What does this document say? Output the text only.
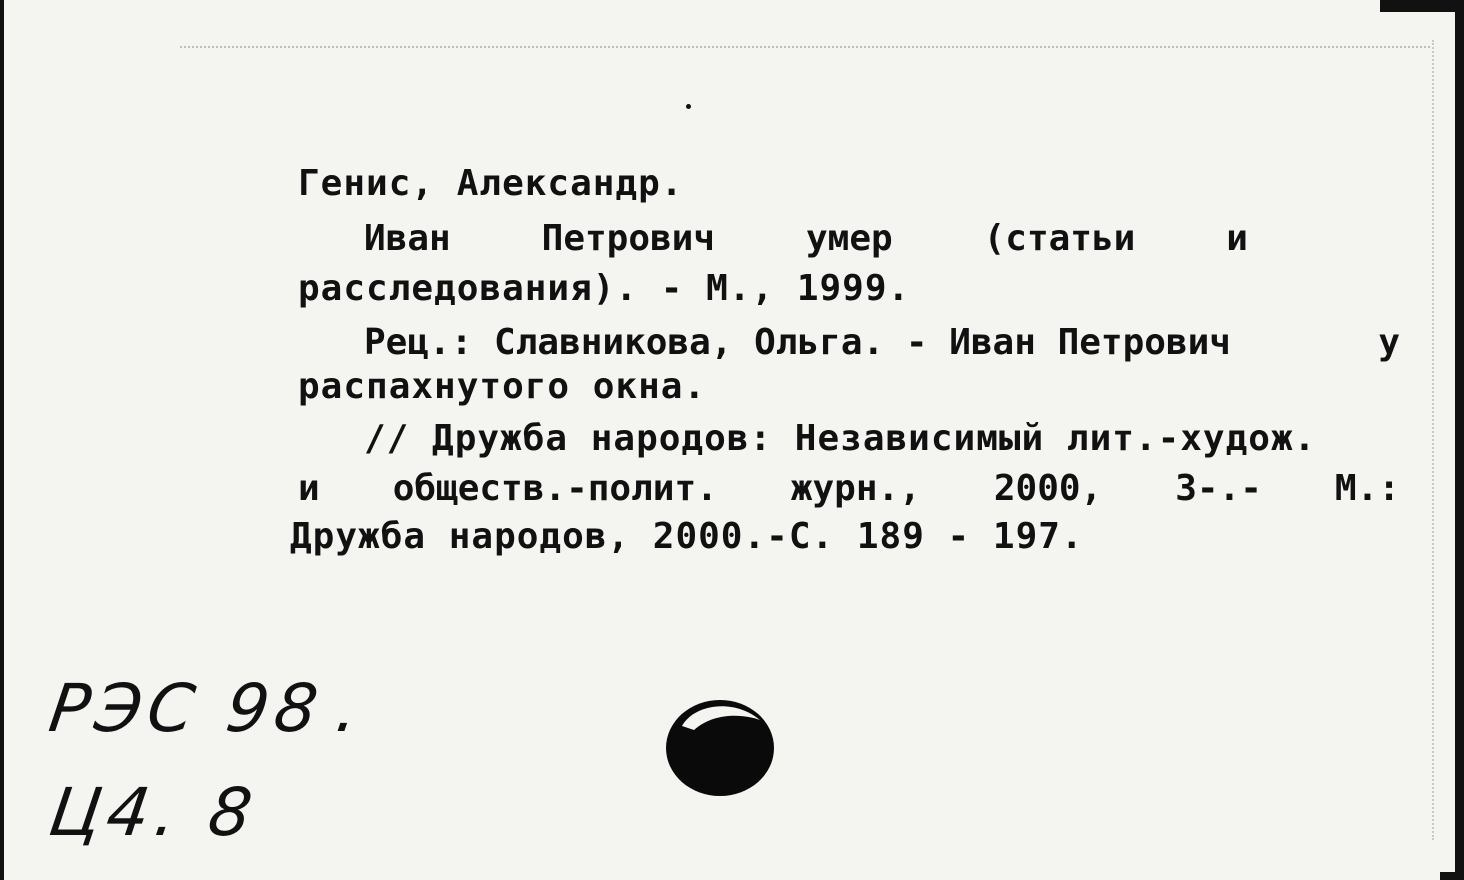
Генис, Александр.

Иван	Петрович	умер	(статьи	и

расследования). - М., 1999.

Рец.: Славникова, Ольга. - Иван Петрович	у

распахнутого окна.

// Дружба народов: Независимый лит.-худож.

и обществ.-полит. журн., 2000, 3-.- М.:

Дружба народов, 2000.-С. 189 - 197.

РЭС 98.

Ц4. 8
